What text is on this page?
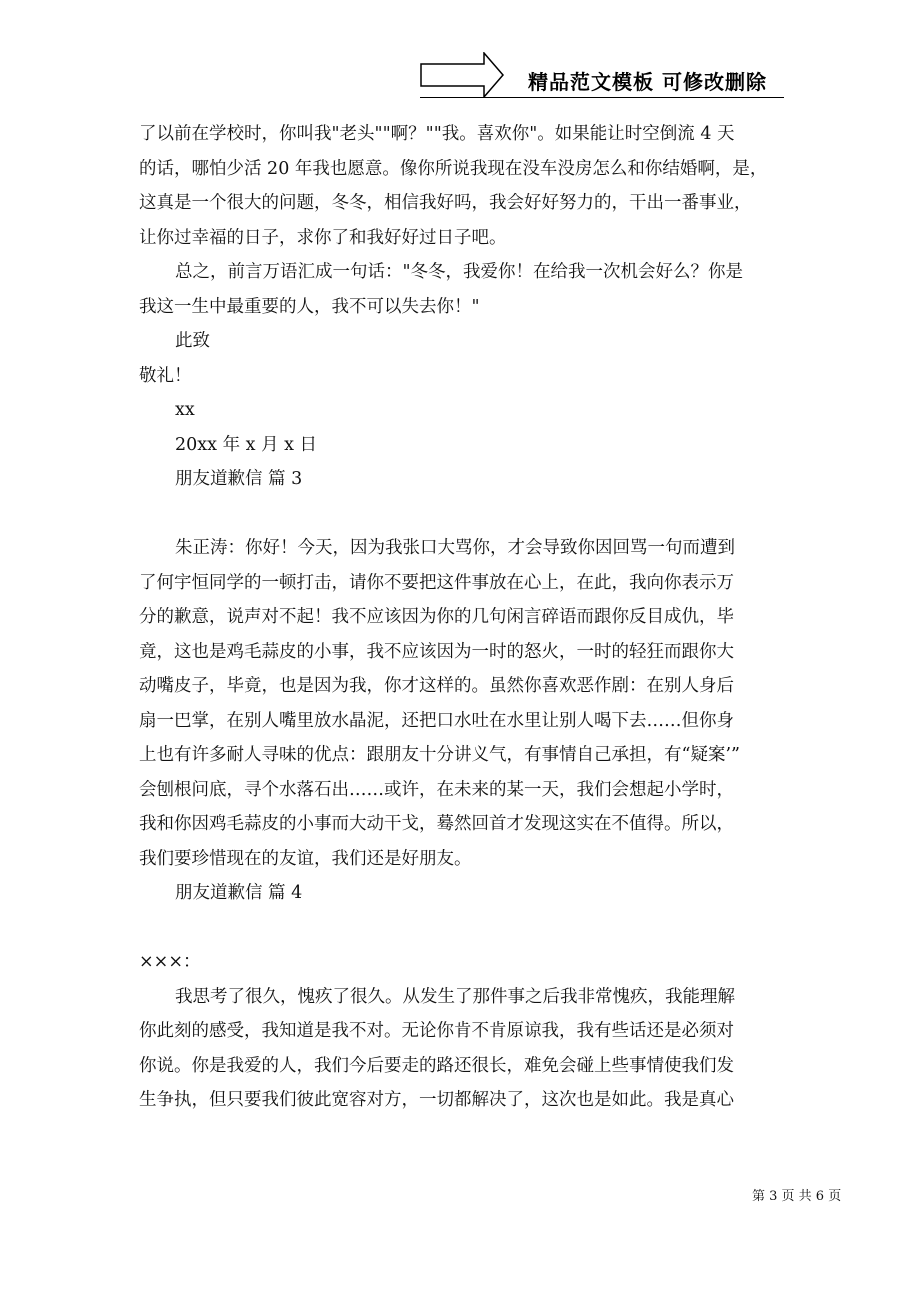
精品范文模板 可修改删除

了以前在学校时，你叫我"老头""啊？""我。喜欢你"。如果能让时空倒流 4 天

的话，哪怕少活 20 年我也愿意。像你所说我现在没车没房怎么和你结婚啊，是，

这真是一个很大的问题，冬冬，相信我好吗，我会好好努力的，干出一番事业，

让你过幸福的日子，求你了和我好好过日子吧。

总之，前言万语汇成一句话："冬冬，我爱你！在给我一次机会好么？你是

我这一生中最重要的人，我不可以失去你！"

此致

敬礼！

xx

20xx 年 x 月 x 日

朋友道歉信 篇 3

朱正涛：你好！今天，因为我张口大骂你，才会导致你因回骂一句而遭到

了何宇恒同学的一顿打击，请你不要把这件事放在心上，在此，我向你表示万

分的歉意，说声对不起！我不应该因为你的几句闲言碎语而跟你反目成仇，毕

竟，这也是鸡毛蒜皮的小事，我不应该因为一时的怒火，一时的轻狂而跟你大

动嘴皮子，毕竟，也是因为我，你才这样的。虽然你喜欢恶作剧：在别人身后

扇一巴掌，在别人嘴里放水晶泥，还把口水吐在水里让别人喝下去……但你身

上也有许多耐人寻味的优点：跟朋友十分讲义气，有事情自己承担，有“疑案’”

会刨根问底，寻个水落石出……或许，在未来的某一天，我们会想起小学时，

我和你因鸡毛蒜皮的小事而大动干戈，蓦然回首才发现这实在不值得。所以，

我们要珍惜现在的友谊，我们还是好朋友。

朋友道歉信 篇 4

×××：

我思考了很久，愧疚了很久。从发生了那件事之后我非常愧疚，我能理解

你此刻的感受，我知道是我不对。无论你肯不肯原谅我，我有些话还是必须对

你说。你是我爱的人，我们今后要走的路还很长，难免会碰上些事情使我们发

生争执，但只要我们彼此宽容对方，一切都解决了，这次也是如此。我是真心

第 3 页 共 6 页
